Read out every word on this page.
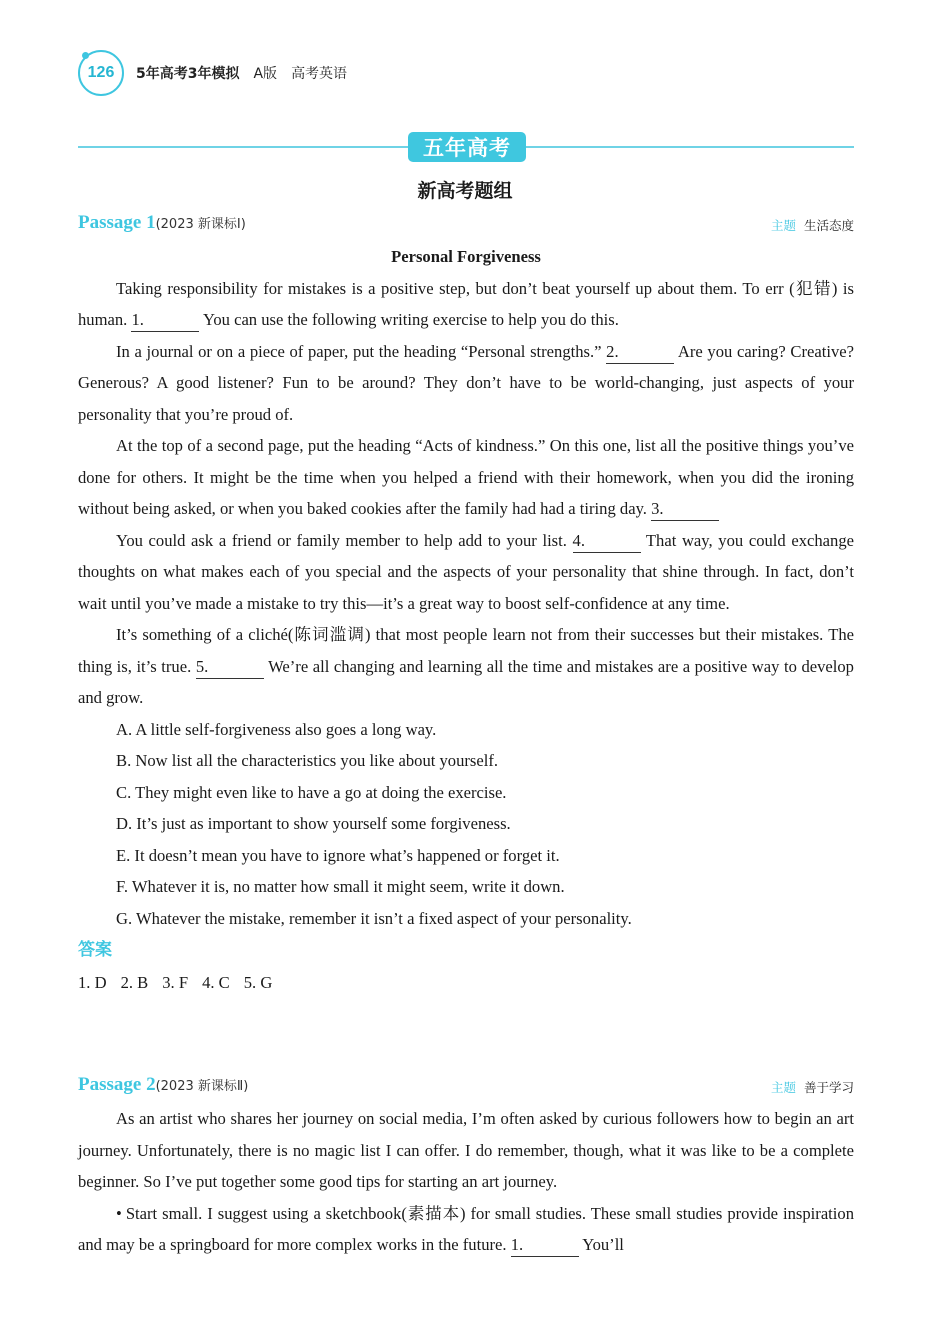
126 5年高考3年模拟 A版 高考英语
五年高考
新高考题组
Passage 1(2023 新课标Ⅰ)	主题 生活态度

Personal Forgiveness

Taking responsibility for mistakes is a positive step, but don’t beat yourself up about them. To err (犯错) is human. 1.	You can use the following writing exercise to help you do this.

In a journal or on a piece of paper, put the heading “Personal strengths.” 2.	Are you caring? Creative? Generous? A good listener? Fun to be around? They don’t have to be world-changing, just aspects of your personality that you’re proud of.

At the top of a second page, put the heading “Acts of kindness.” On this one, list all the positive things you’ve done for others. It might be the time when you helped a friend with their homework, when you did the ironing without being asked, or when you baked cookies after the family had had a tiring day. 3.

You could ask a friend or family member to help add to your list. 4.	That way, you could exchange thoughts on what makes each of you special and the aspects of your personality that shine through. In fact, don’t wait until you’ve made a mistake to try this—it’s a great way to boost self-confidence at any time.

It’s something of a cliché(陈词滥调) that most people learn not from their successes but their mistakes. The thing is, it’s true. 5.	We’re all changing and learning all the time and mistakes are a positive way to develop and grow.

A. A little self-forgiveness also goes a long way.

B. Now list all the characteristics you like about yourself.

C. They might even like to have a go at doing the exercise.

D. It’s just as important to show yourself some forgiveness.

E. It doesn’t mean you have to ignore what’s happened or forget it.

F. Whatever it is, no matter how small it might seem, write it down.

G. Whatever the mistake, remember it isn’t a fixed aspect of your personality.

答案

1. D 2. B 3. F 4. C 5. G

Passage 2(2023 新课标Ⅱ)	主题 善于学习

As an artist who shares her journey on social media, I’m often asked by curious followers how to begin an art journey. Unfortunately, there is no magic list I can offer. I do remember, though, what it was like to be a complete beginner. So I’ve put together some good tips for starting an art journey.

• Start small. I suggest using a sketchbook(素描本) for small studies. These small studies provide inspiration and may be a springboard for more complex works in the future. 1.	You’ll
